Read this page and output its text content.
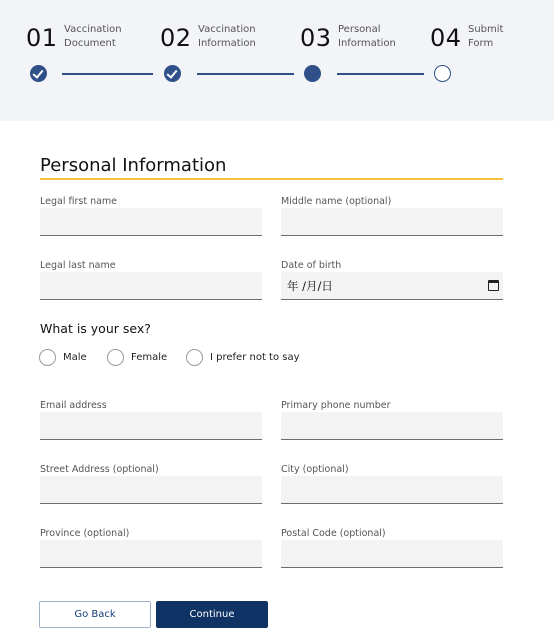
01 Vaccination
Document	02 Vaccination
Information	03 Personal
Information	04 Submit
Form
Personal Information
Legal first name	Middle name (optional)
Legal last name	Date of birth
年 /月/日
What is your sex?
Male	Female	I prefer not to say
Email address	Primary phone number
Street Address (optional)	City (optional)
Province (optional)	Postal Code (optional)
Go Back	Continue
